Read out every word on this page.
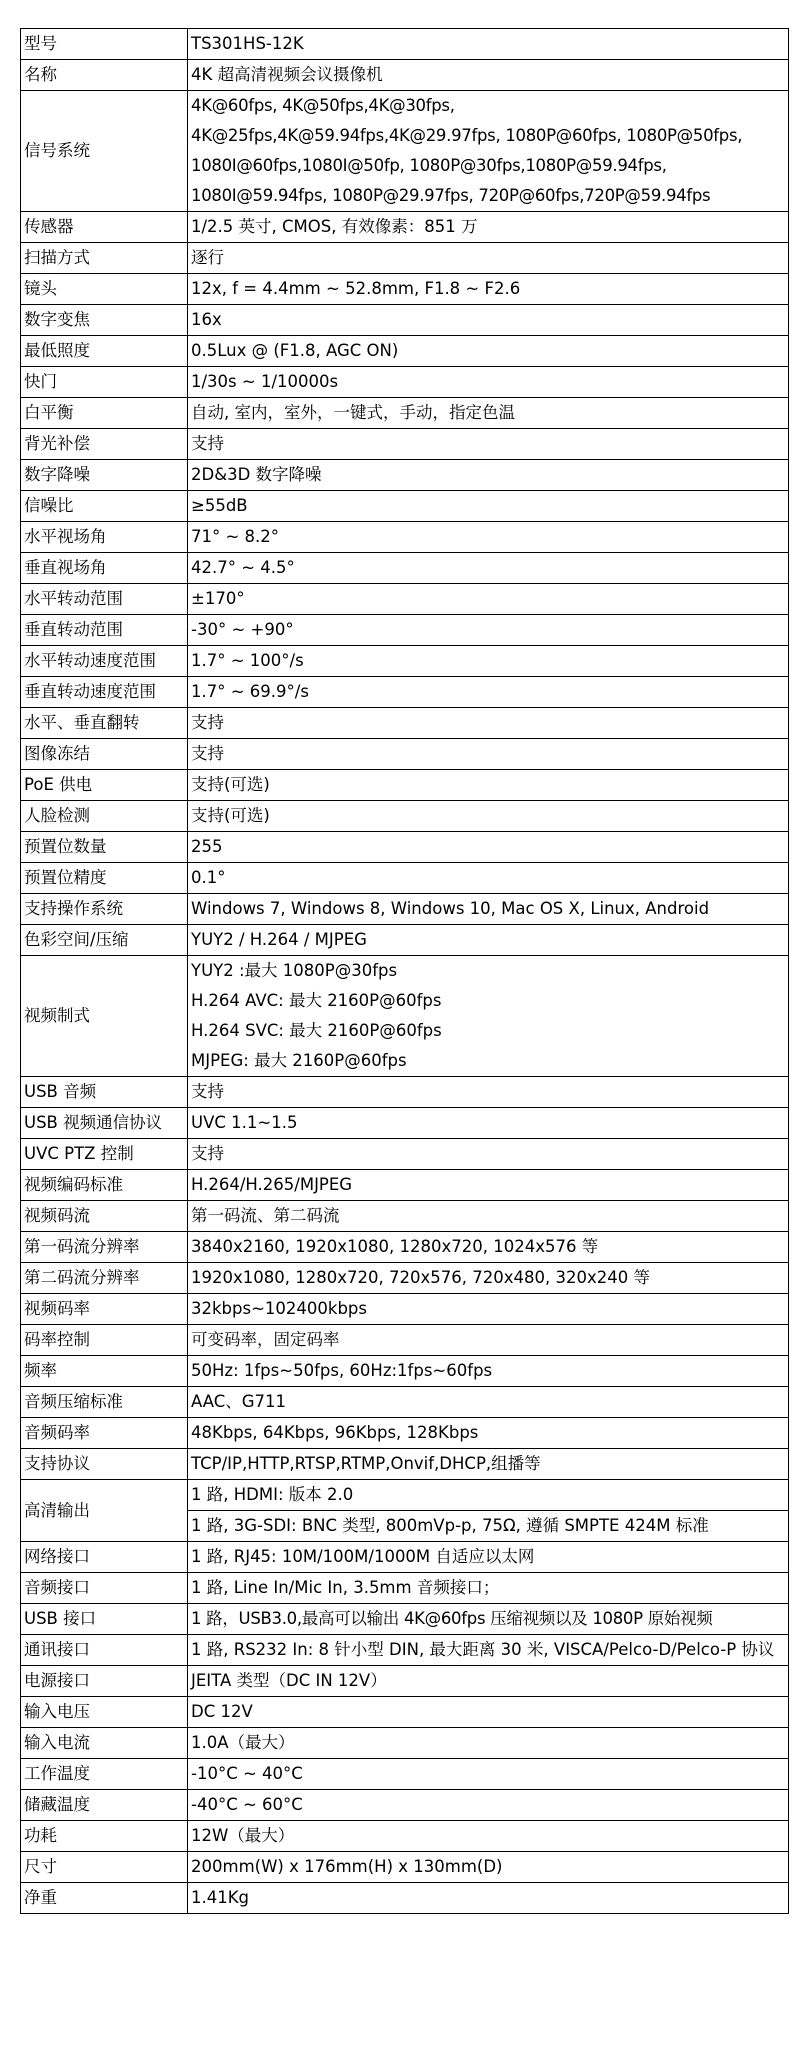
型号	TS301HS-12K

名称	4K 超高清视频会议摄像机

信号系统	4K@60fps, 4K@50fps,4K@30fps,
4K@25fps,4K@59.94fps,4K@29.97fps, 1080P@60fps, 1080P@50fps,
1080I@60fps,1080I@50fp, 1080P@30fps,1080P@59.94fps,
1080I@59.94fps, 1080P@29.97fps, 720P@60fps,720P@59.94fps

传感器	1/2.5 英寸, CMOS, 有效像素：851 万

扫描方式	逐行

镜头	12x, f = 4.4mm ~ 52.8mm, F1.8 ~ F2.6

数字变焦	16x

最低照度	0.5Lux @ (F1.8, AGC ON)

快门	1/30s ~ 1/10000s

白平衡	自动, 室内，室外，一键式，手动，指定色温

背光补偿	支持

数字降噪	2D&3D 数字降噪

信噪比	≥55dB

水平视场角	71° ~ 8.2°

垂直视场角	42.7° ~ 4.5°

水平转动范围	±170°

垂直转动范围	-30° ~ +90°

水平转动速度范围	1.7° ~ 100°/s

垂直转动速度范围	1.7° ~ 69.9°/s

水平、垂直翻转	支持

图像冻结	支持

PoE 供电	支持(可选)

人脸检测	支持(可选)

预置位数量	255

预置位精度	0.1°

支持操作系统	Windows 7, Windows 8, Windows 10, Mac OS X, Linux, Android

色彩空间/压缩	YUY2 / H.264 / MJPEG

视频制式	YUY2 :最大 1080P@30fps
H.264 AVC: 最大 2160P@60fps
H.264 SVC: 最大 2160P@60fps
MJPEG: 最大 2160P@60fps

USB 音频	支持

USB 视频通信协议	UVC 1.1~1.5

UVC PTZ 控制	支持

视频编码标准	H.264/H.265/MJPEG

视频码流	第一码流、第二码流

第一码流分辨率	3840x2160, 1920x1080, 1280x720, 1024x576 等

第二码流分辨率	1920x1080, 1280x720, 720x576, 720x480, 320x240 等

视频码率	32kbps~102400kbps

码率控制	可变码率，固定码率

频率	50Hz: 1fps~50fps, 60Hz:1fps~60fps

音频压缩标准	AAC、G711

音频码率	48Kbps, 64Kbps, 96Kbps, 128Kbps

支持协议	TCP/IP,HTTP,RTSP,RTMP,Onvif,DHCP,组播等

高清输出	1 路, HDMI: 版本 2.0
	1 路, 3G-SDI: BNC 类型, 800mVp-p, 75Ω, 遵循 SMPTE 424M 标准
网络接口	1 路, RJ45: 10M/100M/1000M 自适应以太网

音频接口	1 路, Line In/Mic In, 3.5mm 音频接口；

USB 接口	1 路，USB3.0,最高可以输出 4K@60fps 压缩视频以及 1080P 原始视频

通讯接口	1 路, RS232 In: 8 针小型 DIN, 最大距离 30 米, VISCA/Pelco-D/Pelco-P 协议

电源接口	JEITA 类型（DC IN 12V）

输入电压	DC 12V

输入电流	1.0A（最大）

工作温度	-10°C ~ 40°C

储藏温度	-40°C ~ 60°C

功耗	12W（最大）

尺寸	200mm(W) x 176mm(H) x 130mm(D)

净重	1.41Kg
